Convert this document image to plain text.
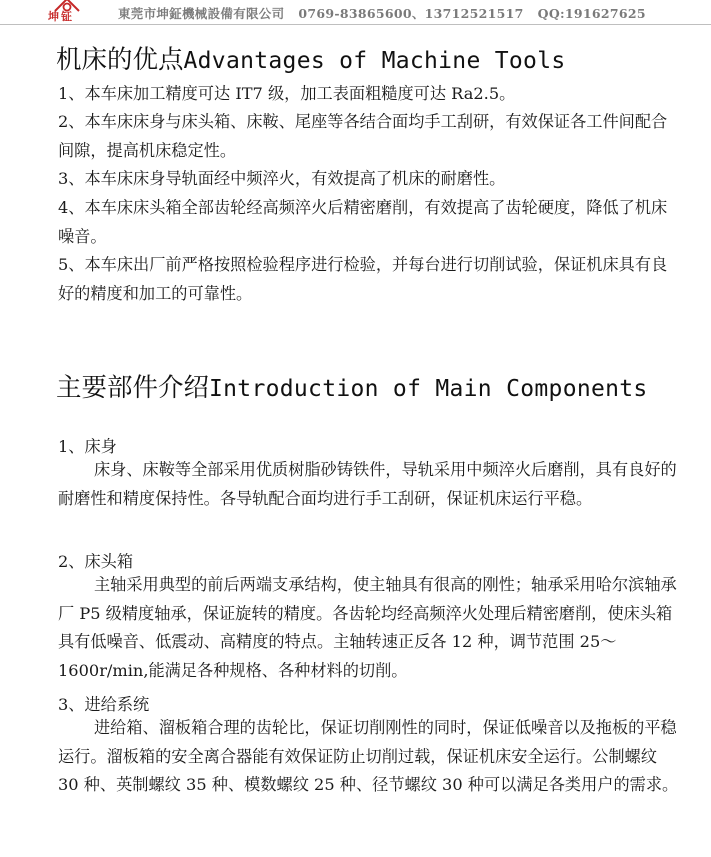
坤钲	東莞市坤鉦機械設備有限公司 0769-83865600、13712521517 QQ:191627625
机床的优点Advantages of Machine Tools
1、本车床加工精度可达 IT7 级，加工表面粗糙度可达 Ra2.5。
2、本车床床身与床头箱、床鞍、尾座等各结合面均手工刮研，有效保证各工件间配合间隙，提高机床稳定性。
3、本车床床身导轨面经中频淬火，有效提高了机床的耐磨性。
4、本车床床头箱全部齿轮经高频淬火后精密磨削，有效提高了齿轮硬度，降低了机床噪音。
5、本车床出厂前严格按照检验程序进行检验，并每台进行切削试验，保证机床具有良好的精度和加工的可靠性。
主要部件介绍Introduction of Main Components
1、床身
床身、床鞍等全部采用优质树脂砂铸铁件，导轨采用中频淬火后磨削，具有良好的耐磨性和精度保持性。各导轨配合面均进行手工刮研，保证机床运行平稳。
2、床头箱
主轴采用典型的前后两端支承结构，使主轴具有很高的刚性；轴承采用哈尔滨轴承厂 P5 级精度轴承，保证旋转的精度。各齿轮均经高频淬火处理后精密磨削，使床头箱具有低噪音、低震动、高精度的特点。主轴转速正反各 12 种，调节范围 25～1600r/min,能满足各种规格、各种材料的切削。
3、进给系统
进给箱、溜板箱合理的齿轮比，保证切削刚性的同时，保证低噪音以及拖板的平稳运行。溜板箱的安全离合器能有效保证防止切削过载，保证机床安全运行。公制螺纹 30 种、英制螺纹 35 种、模数螺纹 25 种、径节螺纹 30 种可以满足各类用户的需求。
